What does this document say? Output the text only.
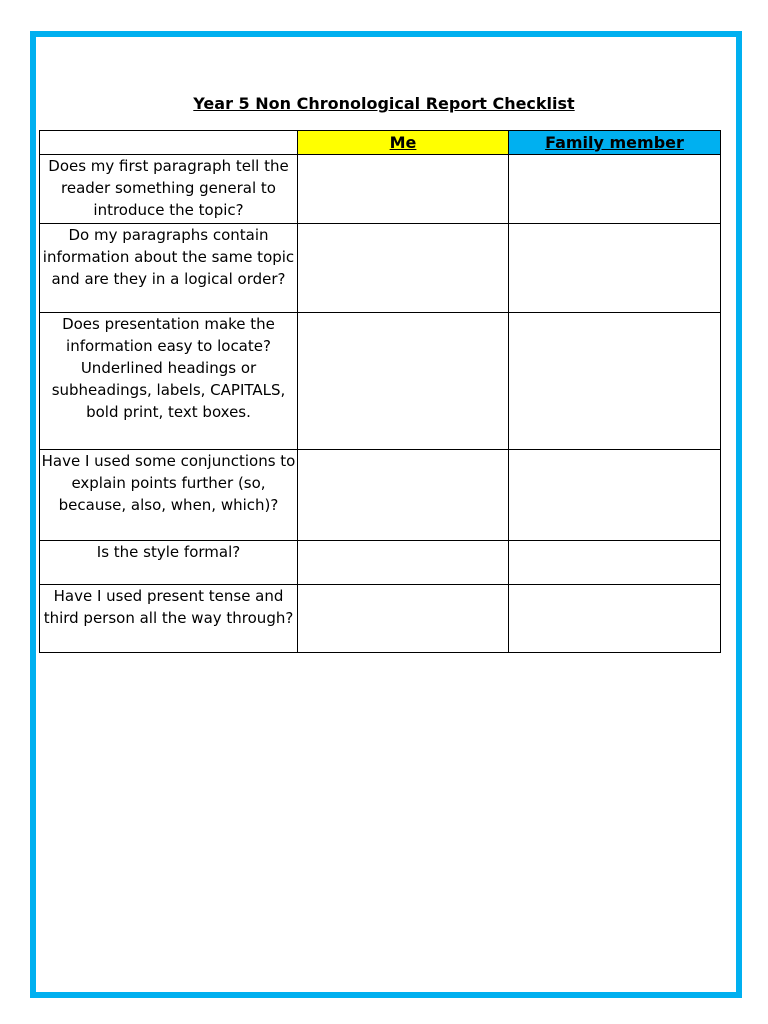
Year 5 Non Chronological Report Checklist
	Me	Family member
Does my first paragraph tell the reader something general to introduce the topic?		
Do my paragraphs contain information about the same topic and are they in a logical order?		
Does presentation make the information easy to locate? Underlined headings or subheadings, labels, CAPITALS, bold print, text boxes.		
Have I used some conjunctions to explain points further (so, because, also, when, which)?		
Is the style formal?		
Have I used present tense and third person all the way through?		
